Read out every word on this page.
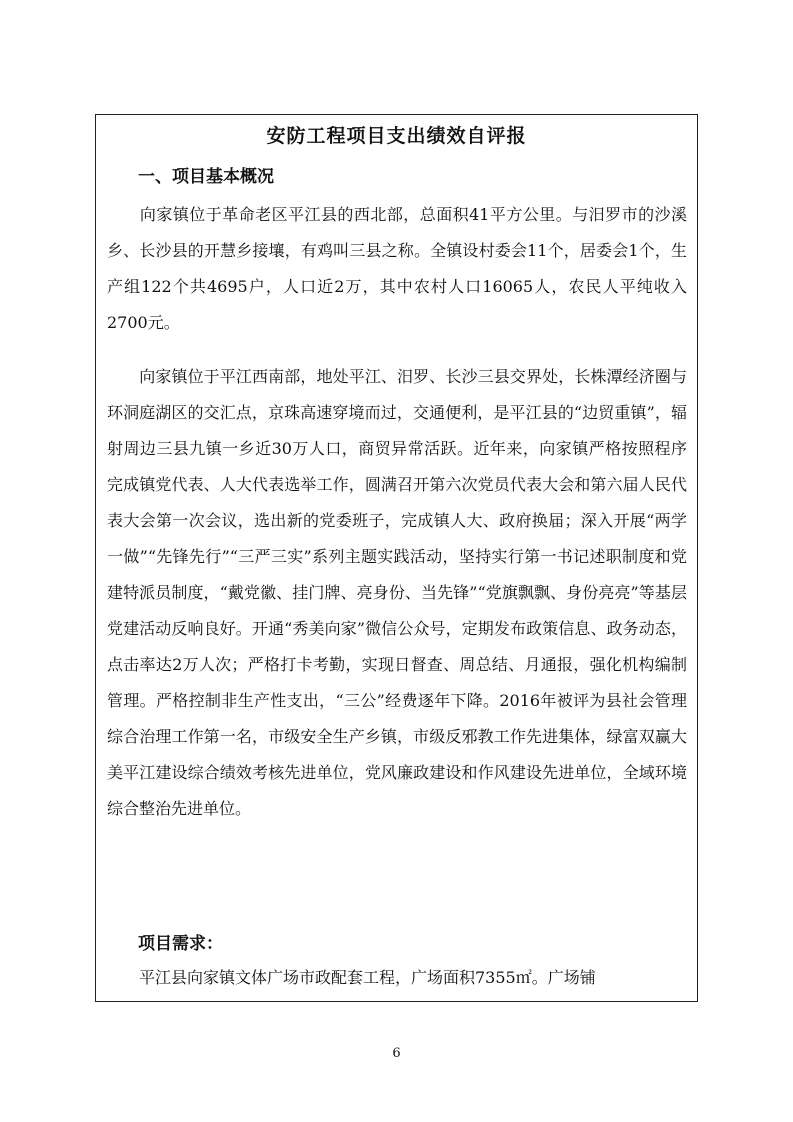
安防工程项目支出绩效自评报
一、项目基本概况
　　向家镇位于革命老区平江县的西北部，总面积41平方公里。与汨罗市的沙溪乡、长沙县的开慧乡接壤，有鸡叫三县之称。全镇设村委会11个，居委会1个，生产组122个共4695户，人口近2万，其中农村人口16065人，农民人平纯收入2700元。
　　向家镇位于平江西南部，地处平江、汨罗、长沙三县交界处，长株潭经济圈与环洞庭湖区的交汇点，京珠高速穿境而过，交通便利，是平江县的“边贸重镇”，辐射周边三县九镇一乡近30万人口，商贸异常活跃。近年来，向家镇严格按照程序完成镇党代表、人大代表选举工作，圆满召开第六次党员代表大会和第六届人民代表大会第一次会议，选出新的党委班子，完成镇人大、政府换届；深入开展“两学一做”“先锋先行”“三严三实”系列主题实践活动，坚持实行第一书记述职制度和党建特派员制度，“戴党徽、挂门牌、亮身份、当先锋”“党旗飘飘、身份亮亮”等基层党建活动反响良好。开通“秀美向家”微信公众号，定期发布政策信息、政务动态，点击率达2万人次；严格打卡考勤，实现日督查、周总结、月通报，强化机构编制管理。严格控制非生产性支出，“三公”经费逐年下降。2016年被评为县社会管理综合治理工作第一名，市级安全生产乡镇，市级反邪教工作先进集体，绿富双赢大美平江建设综合绩效考核先进单位，党风廉政建设和作风建设先进单位，全域环境综合整治先进单位。
项目需求：
　　平江县向家镇文体广场市政配套工程，广场面积7355㎡。广场铺
6
